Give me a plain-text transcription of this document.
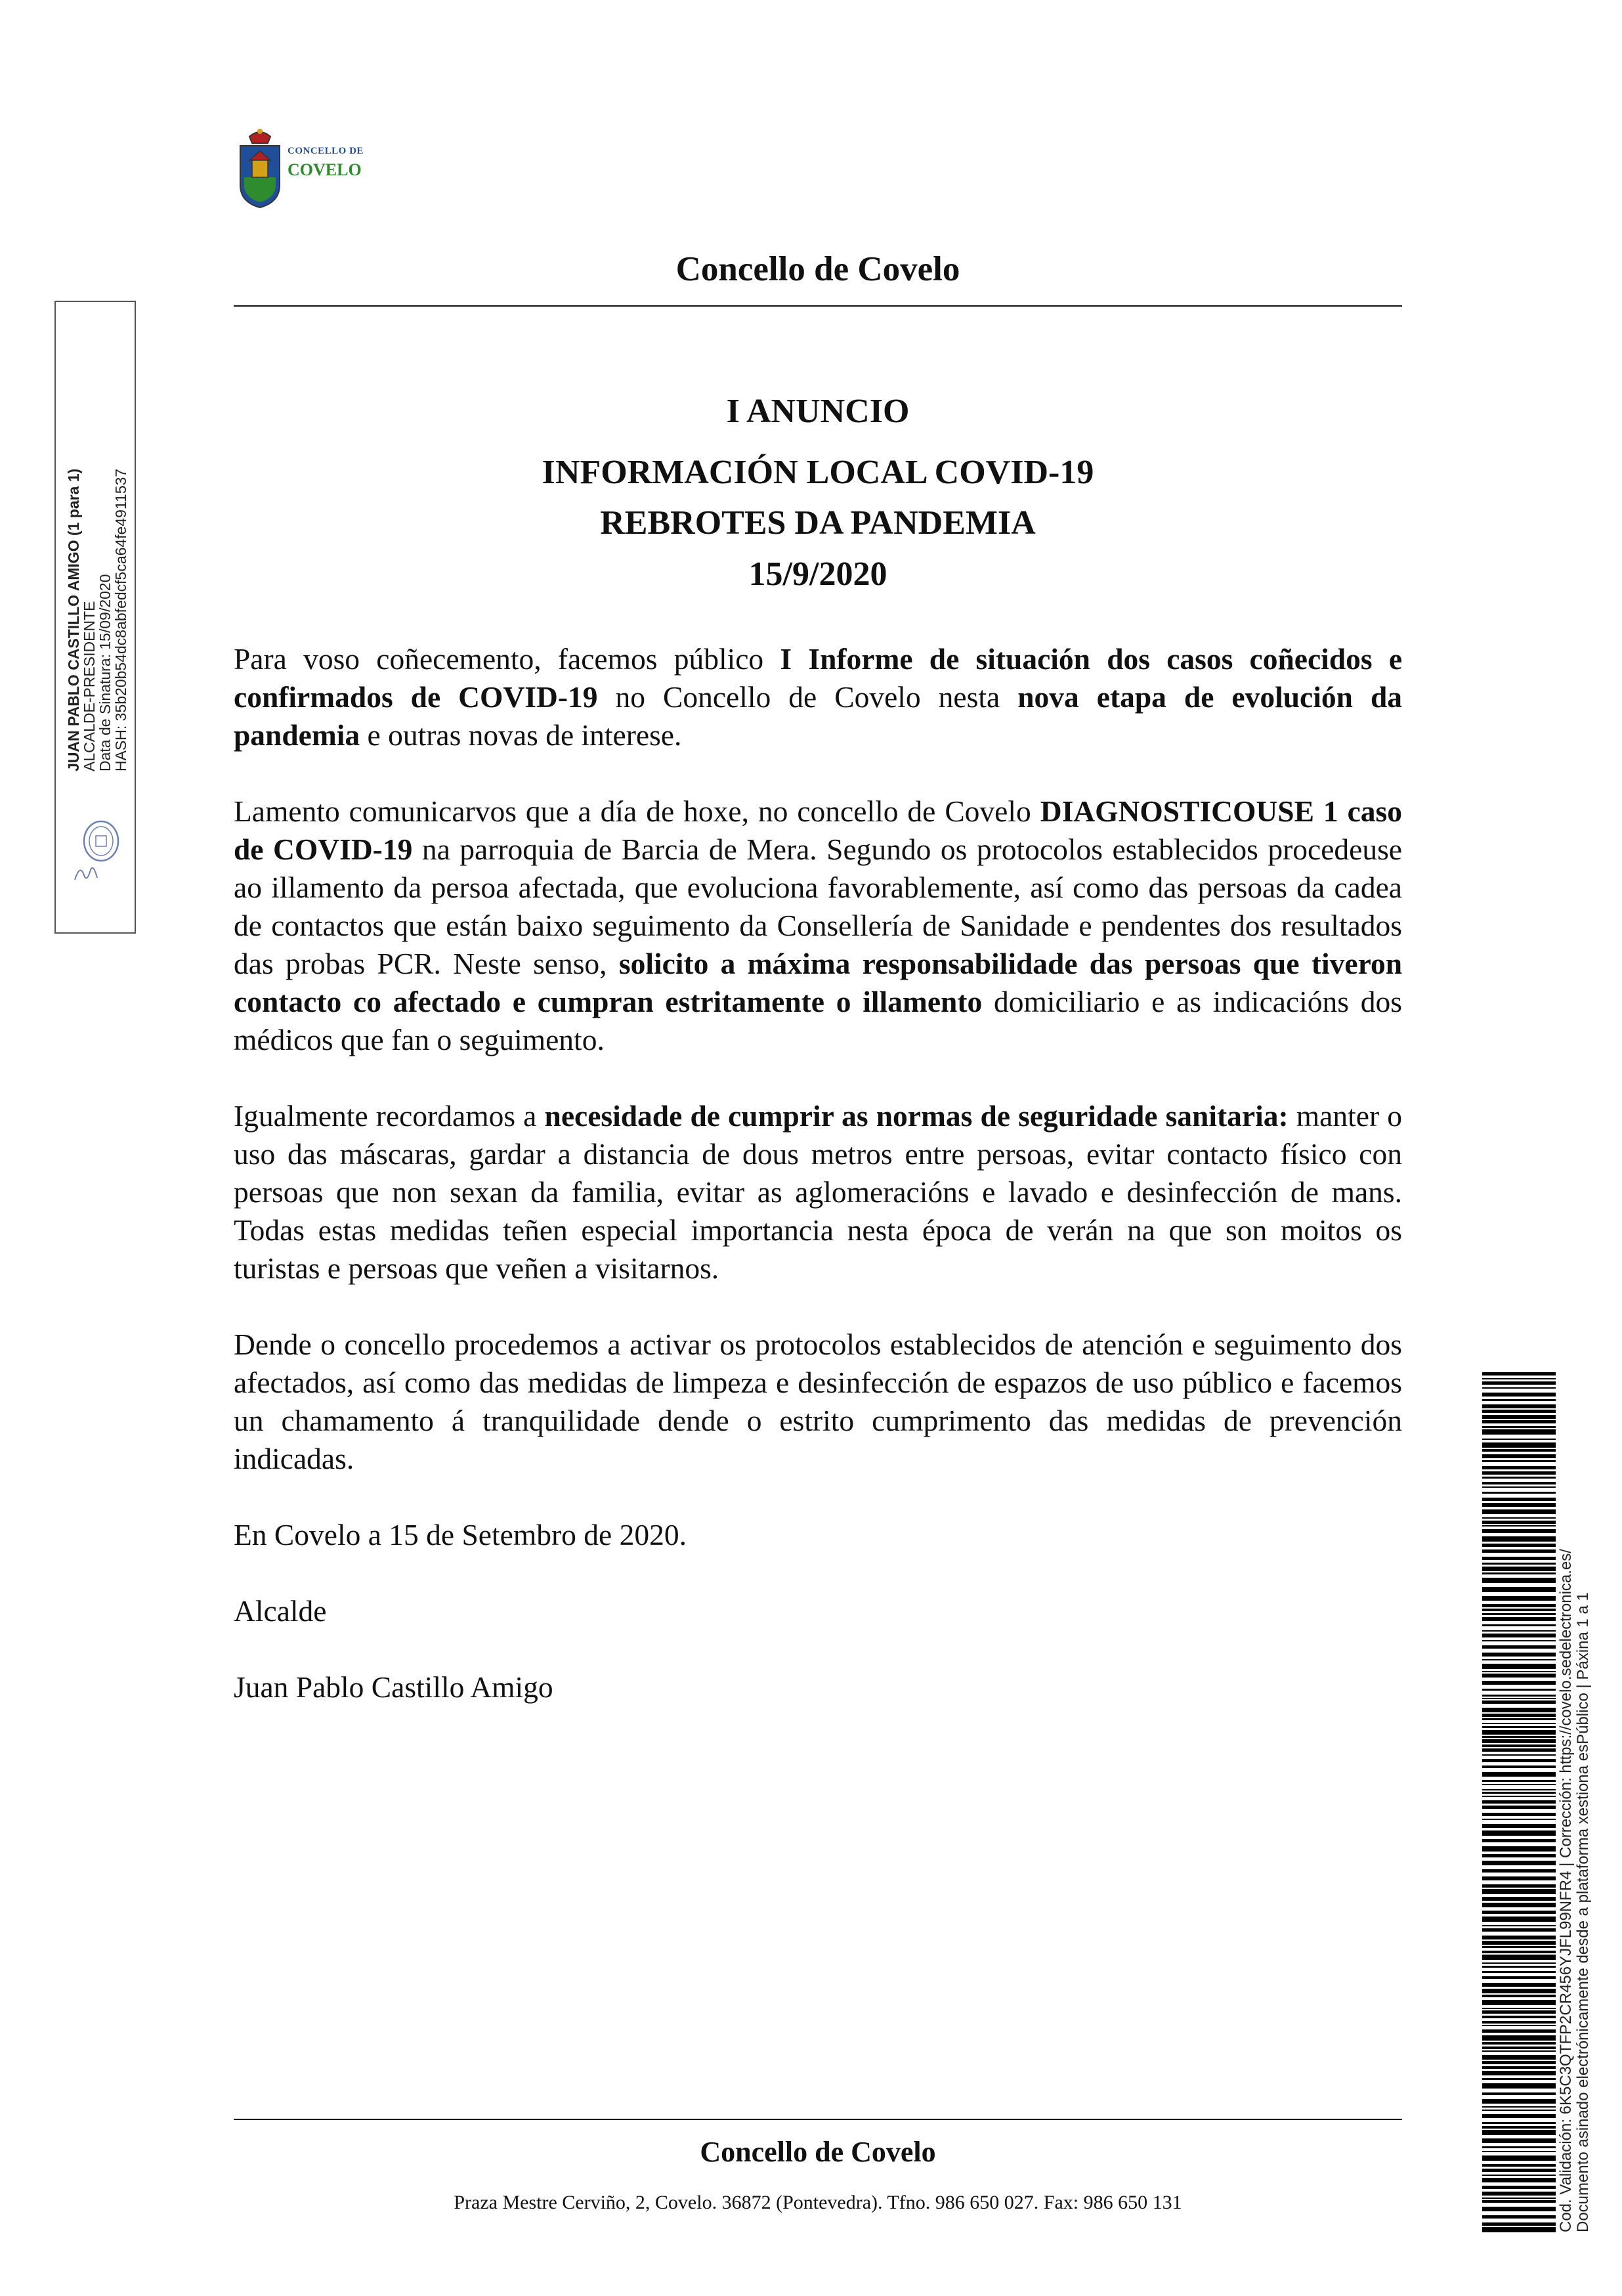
CONCELLO DE
COVELO
Concello de Covelo
I ANUNCIO
INFORMACIÓN LOCAL COVID-19
REBROTES DA PANDEMIA
15/9/2020

Para voso coñecemento, facemos público I Informe de situación dos casos coñecidos e confirmados de COVID-19 no Concello de Covelo nesta nova etapa de evolución da pandemia e outras novas de interese.

Lamento comunicarvos que a día de hoxe, no concello de Covelo DIAGNOSTICOUSE 1 caso de COVID-19 na parroquia de Barcia de Mera. Segundo os protocolos establecidos procedeuse ao illamento da persoa afectada, que evoluciona favorablemente, así como das persoas da cadea de contactos que están baixo seguimento da Consellería de Sanidade e pendentes dos resultados das probas PCR. Neste senso, solicito a máxima responsabilidade das persoas que tiveron contacto co afectado e cumpran estritamente o illamento domiciliario e as indicacións dos médicos que fan o seguimento.

Igualmente recordamos a necesidade de cumprir as normas de seguridade sanitaria: manter o uso das máscaras, gardar a distancia de dous metros entre persoas, evitar contacto físico con persoas que non sexan da familia, evitar as aglomeracións e lavado e desinfección de mans. Todas estas medidas teñen especial importancia nesta época de verán na que son moitos os turistas e persoas que veñen a visitarnos.

Dende o concello procedemos a activar os protocolos establecidos de atención e seguimento dos afectados, así como das medidas de limpeza e desinfección de espazos de uso público e facemos un chamamento á tranquilidade dende o estrito cumprimento das medidas de prevención indicadas.

En Covelo a 15 de Setembro de 2020.

Alcalde

Juan Pablo Castillo Amigo

Concello de Covelo
Praza Mestre Cerviño, 2, Covelo. 36872 (Pontevedra). Tfno. 986 650 027. Fax: 986 650 131
JUAN PABLO CASTILLO AMIGO (1 para 1)
ALCALDE-PRESIDENTE
Data de Sinatura: 15/09/2020
HASH: 35b20b54dc8abfedcf5ca64fe4911537
Cod. Validación: 6K5C3QTFP2CR456YJFL99NFR4 | Corrección: https://covelo.sedelectronica.es/ Documento asinado electrónicamente desde a plataforma xestiona esPúblico | Páxina 1 a 1
